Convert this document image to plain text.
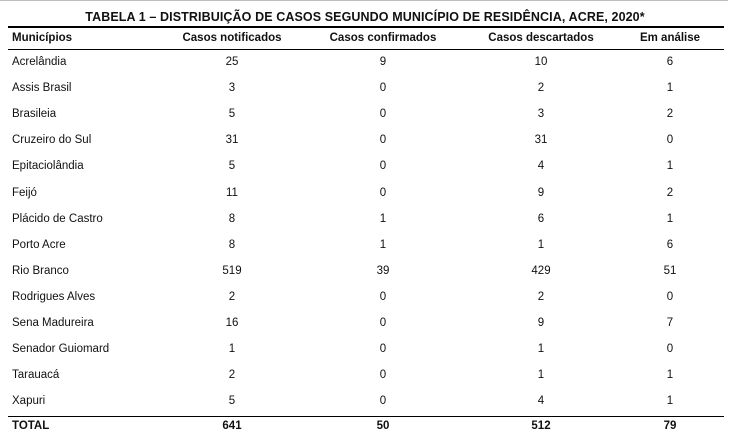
TABELA 1 – DISTRIBUIÇÃO DE CASOS SEGUNDO MUNICÍPIO DE RESIDÊNCIA, ACRE, 2020*
Municípios	Casos notificados	Casos confirmados	Casos descartados	Em análise
Acrelândia	25	9	10	6
Assis Brasil	3	0	2	1
Brasileia	5	0	3	2
Cruzeiro do Sul	31	0	31	0
Epitaciolândia	5	0	4	1
Feijó	11	0	9	2
Plácido de Castro	8	1	6	1
Porto Acre	8	1	1	6
Rio Branco	519	39	429	51
Rodrigues Alves	2	0	2	0
Sena Madureira	16	0	9	7
Senador Guiomard	1	0	1	0
Tarauacá	2	0	1	1
Xapuri	5	0	4	1
TOTAL	641	50	512	79
